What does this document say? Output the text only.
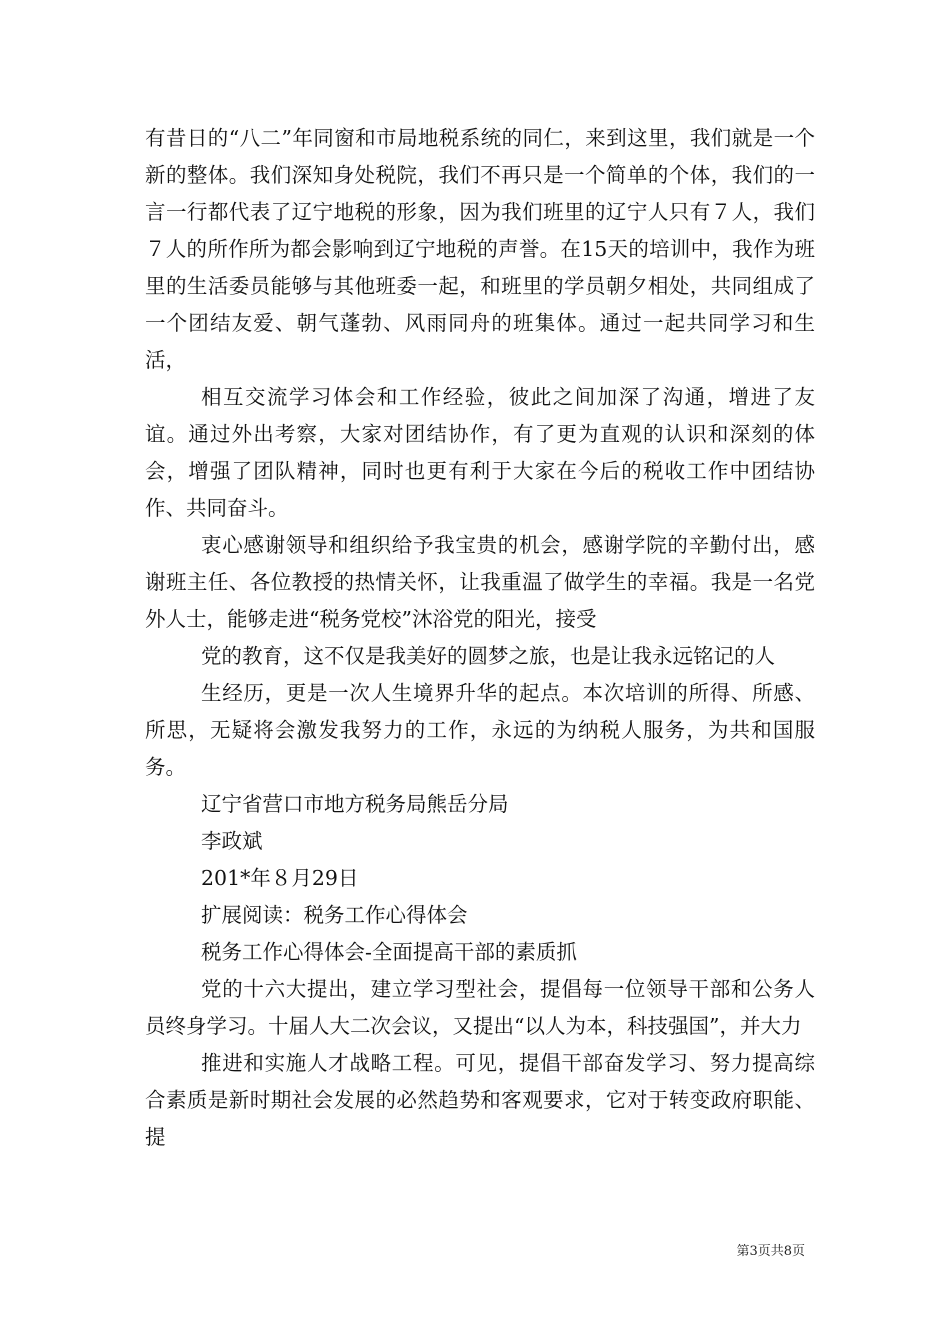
有昔日的“八二”年同窗和市局地税系统的同仁，来到这里，我们就是一个新的整体。我们深知身处税院，我们不再只是一个简单的个体，我们的一言一行都代表了辽宁地税的形象，因为我们班里的辽宁人只有７人，我们７人的所作所为都会影响到辽宁地税的声誉。在15天的培训中，我作为班里的生活委员能够与其他班委一起，和班里的学员朝夕相处，共同组成了一个团结友爱、朝气蓬勃、风雨同舟的班集体。通过一起共同学习和生活，

相互交流学习体会和工作经验，彼此之间加深了沟通，增进了友谊。通过外出考察，大家对团结协作，有了更为直观的认识和深刻的体会，增强了团队精神，同时也更有利于大家在今后的税收工作中团结协作、共同奋斗。

衷心感谢领导和组织给予我宝贵的机会，感谢学院的辛勤付出，感谢班主任、各位教授的热情关怀，让我重温了做学生的幸福。我是一名党外人士，能够走进“税务党校”沐浴党的阳光，接受

党的教育，这不仅是我美好的圆梦之旅，也是让我永远铭记的人

生经历，更是一次人生境界升华的起点。本次培训的所得、所感、所思，无疑将会激发我努力的工作，永远的为纳税人服务，为共和国服务。

辽宁省营口市地方税务局熊岳分局

李政斌

201*年８月29日

扩展阅读：税务工作心得体会

税务工作心得体会-全面提高干部的素质抓

党的十六大提出，建立学习型社会，提倡每一位领导干部和公务人员终身学习。十届人大二次会议，又提出“以人为本，科技强国”，并大力

推进和实施人才战略工程。可见，提倡干部奋发学习、努力提高综合素质是新时期社会发展的必然趋势和客观要求，它对于转变政府职能、提

第3页共8页
